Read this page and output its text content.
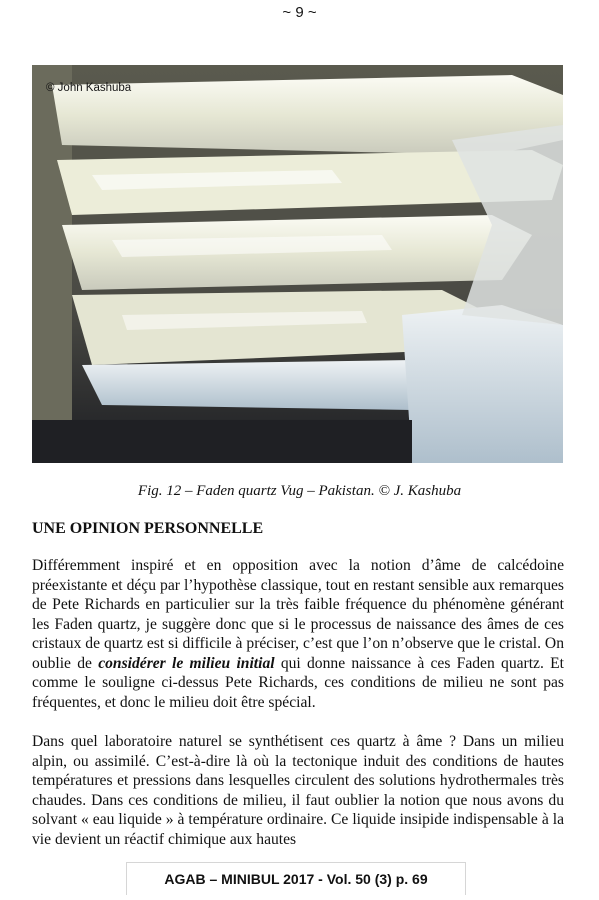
~ 9 ~
© John Kashuba
Fig. 12 – Faden quartz Vug – Pakistan. © J. Kashuba
UNE OPINION PERSONNELLE

Différemment inspiré et en opposition avec la notion d’âme de calcédoine préexistante et déçu par l’hypothèse classique, tout en restant sensible aux remarques de Pete Richards en particulier sur la très faible fréquence du phénomène générant les Faden quartz, je suggère donc que si le processus de naissance des âmes de ces cristaux de quartz est si difficile à préciser, c’est que l’on n’observe que le cristal. On oublie de considérer le milieu initial qui donne naissance à ces Faden quartz. Et comme le souligne ci-dessus Pete Richards, ces conditions de milieu ne sont pas fréquentes, et donc le milieu doit être spécial.

Dans quel laboratoire naturel se synthétisent ces quartz à âme ? Dans un milieu alpin, ou assimilé. C’est-à-dire là où la tectonique induit des conditions de hautes températures et pressions dans lesquelles circulent des solutions hydrothermales très chaudes. Dans ces conditions de milieu, il faut oublier la notion que nous avons du solvant « eau liquide » à température ordinaire. Ce liquide insipide indispensable à la vie devient un réactif chimique aux hautes

AGAB – MINIBUL 2017 - Vol. 50 (3) p. 69
